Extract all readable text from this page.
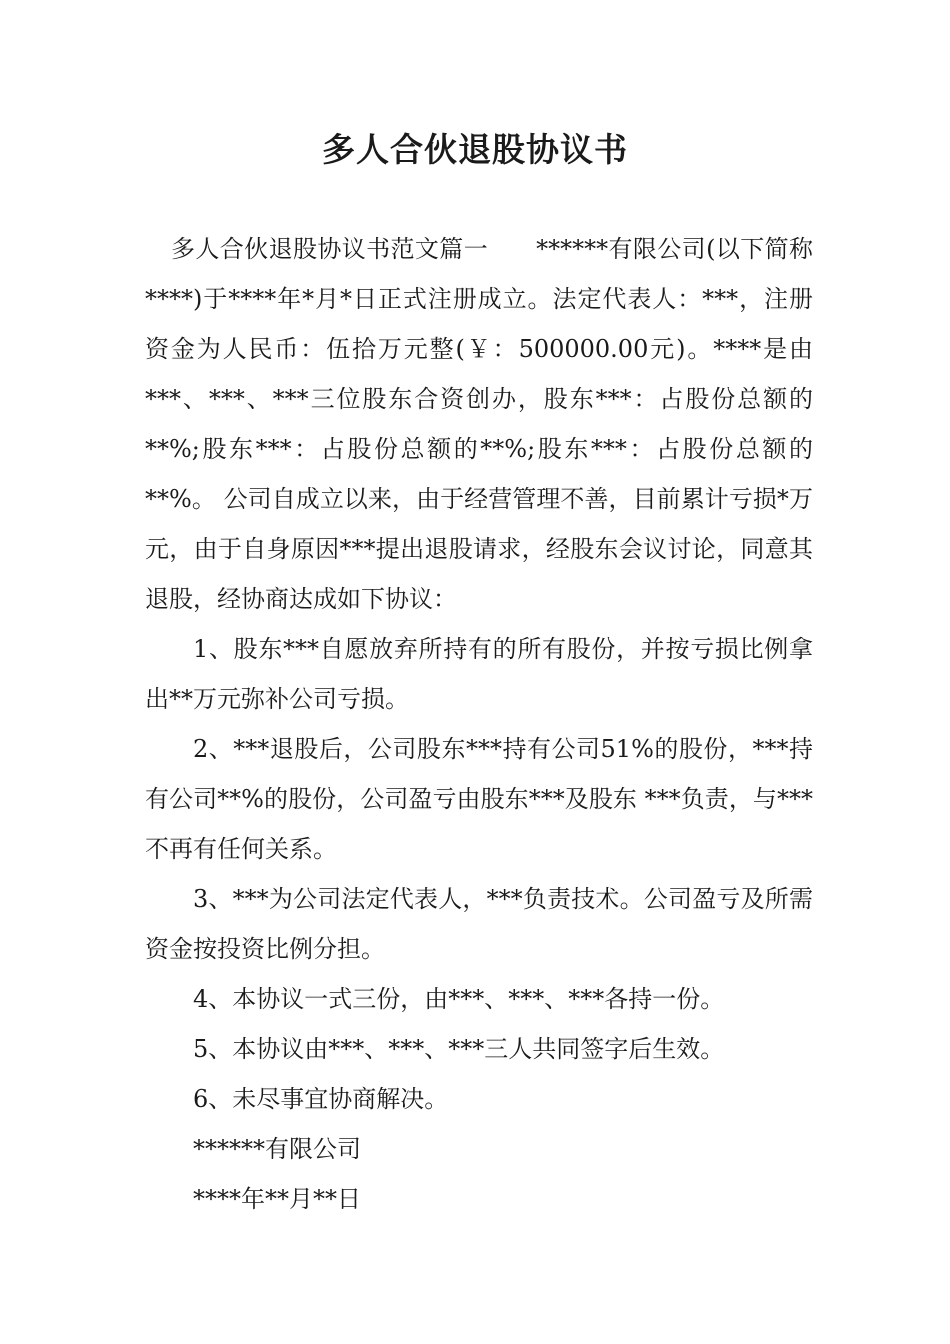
多人合伙退股协议书

多人合伙退股协议书范文篇一 ******有限公司(以下简称****)于****年*月*日正式注册成立。法定代表人：***，注册资金为人民币：伍拾万元整(￥：500000.00元)。****是由 ***、***、***三位股东合资创办，股东***：占股份总额的**%;股东***：占股份总额的**%;股东***：占股份总额的**%。 公司自成立以来，由于经营管理不善，目前累计亏损*万元，由于自身原因***提出退股请求，经股东会议讨论，同意其退股，经协商达成如下协议：

1、股东***自愿放弃所持有的所有股份，并按亏损比例拿出**万元弥补公司亏损。

2、***退股后，公司股东***持有公司51%的股份，***持有公司**%的股份，公司盈亏由股东***及股东 ***负责，与***不再有任何关系。

3、***为公司法定代表人，***负责技术。公司盈亏及所需资金按投资比例分担。

4、本协议一式三份，由***、***、***各持一份。

5、本协议由***、***、***三人共同签字后生效。

6、未尽事宜协商解决。

******有限公司

****年**月**日
